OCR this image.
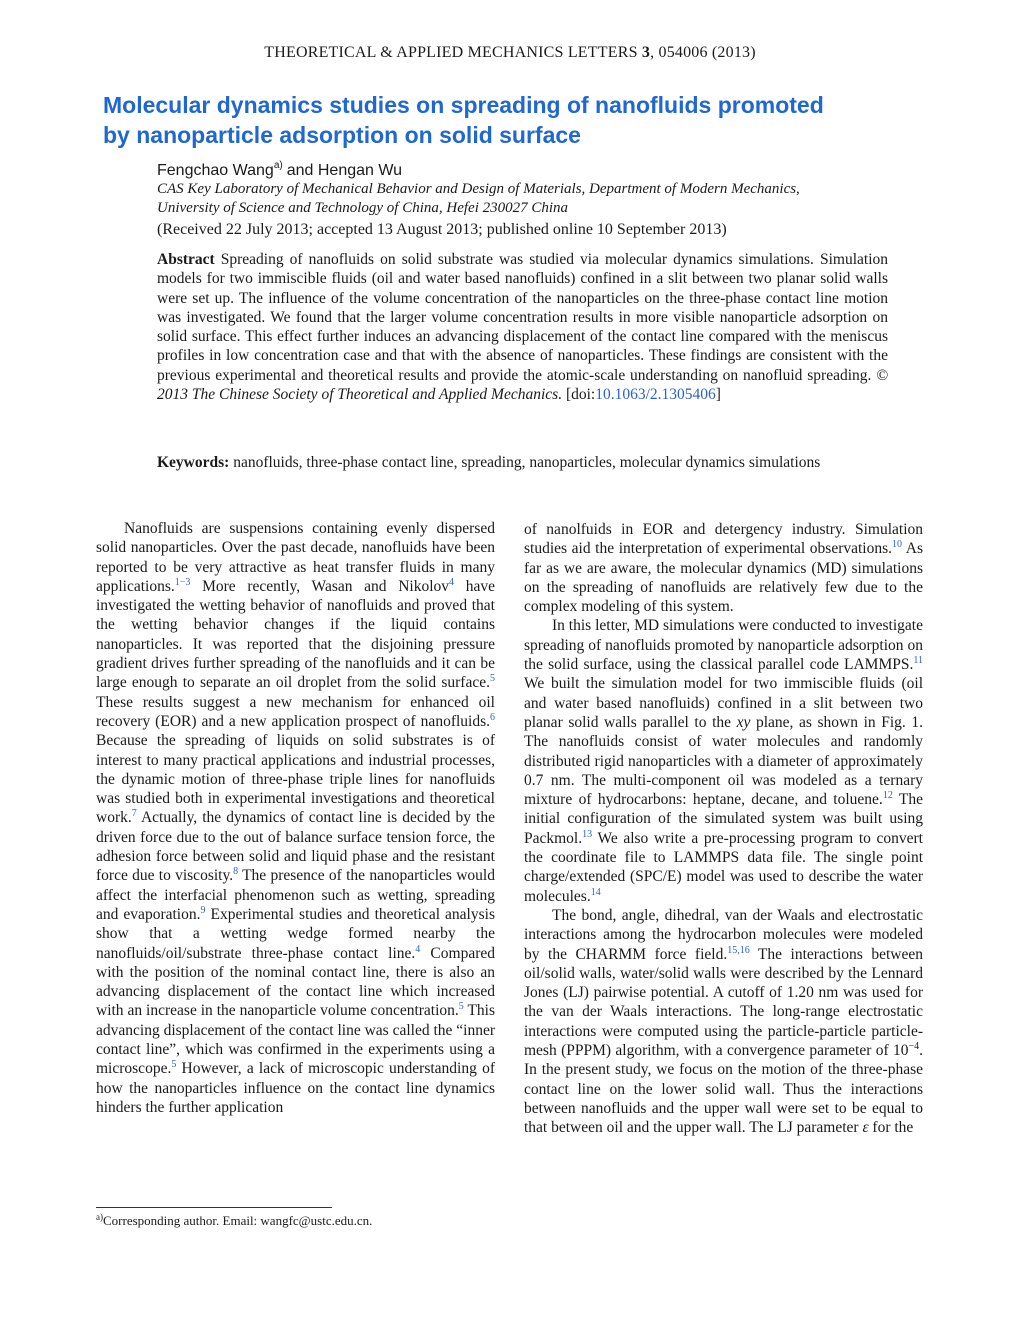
THEORETICAL & APPLIED MECHANICS LETTERS 3, 054006 (2013)
Molecular dynamics studies on spreading of nanofluids promoted
by nanoparticle adsorption on solid surface
Fengchao Wang$^{a)}$ and Hengan Wu
CAS Key Laboratory of Mechanical Behavior and Design of Materials, Department of Modern Mechanics,
University of Science and Technology of China, Hefei 230027 China
(Received 22 July 2013; accepted 13 August 2013; published online 10 September 2013)
Abstract Spreading of nanofluids on solid substrate was studied via molecular dynamics simulations. Simulation models for two immiscible fluids (oil and water based nanofluids) confined in a slit between two planar solid walls were set up. The influence of the volume concentration of the nanoparticles on the three-phase contact line motion was investigated. We found that the larger volume concentration results in more visible nanoparticle adsorption on solid surface. This effect further induces an advancing displacement of the contact line compared with the meniscus profiles in low concentration case and that with the absence of nanoparticles. These findings are consistent with the previous experimental and theoretical results and provide the atomic-scale understanding on nanofluid spreading. © 2013 The Chinese Society of Theoretical and Applied Mechanics. [doi:10.1063/2.1305406]
Keywords: nanofluids, three-phase contact line, spreading, nanoparticles, molecular dynamics simulations

Nanofluids are suspensions containing evenly dispersed solid nanoparticles. Over the past decade, nanofluids have been reported to be very attractive as heat transfer fluids in many applications.$^{1-3}$ More recently, Wasan and Nikolov$^4$ have investigated the wetting behavior of nanofluids and proved that the wetting behavior changes if the liquid contains nanoparticles. It was reported that the disjoining pressure gradient drives further spreading of the nanofluids and it can be large enough to separate an oil droplet from the solid surface.$^5$ These results suggest a new mechanism for enhanced oil recovery (EOR) and a new application prospect of nanofluids.$^6$ Because the spreading of liquids on solid substrates is of interest to many practical applications and industrial processes, the dynamic motion of three-phase triple lines for nanofluids was studied both in experimental investigations and theoretical work.$^7$ Actually, the dynamics of contact line is decided by the driven force due to the out of balance surface tension force, the adhesion force between solid and liquid phase and the resistant force due to viscosity.$^8$ The presence of the nanoparticles would affect the interfacial phenomenon such as wetting, spreading and evaporation.$^9$ Experimental studies and theoretical analysis show that a wetting wedge formed nearby the nanofluids/oil/substrate three-phase contact line.$^4$ Compared with the position of the nominal contact line, there is also an advancing displacement of the contact line which increased with an increase in the nanoparticle volume concentration.$^5$ This advancing displacement of the contact line was called the “inner contact line”, which was confirmed in the experiments using a microscope.$^5$ However, a lack of microscopic understanding of how the nanoparticles influence on the contact line dynamics hinders the further application

of nanolfuids in EOR and detergency industry. Simulation studies aid the interpretation of experimental observations.$^{10}$ As far as we are aware, the molecular dynamics (MD) simulations on the spreading of nanofluids are relatively few due to the complex modeling of this system.

In this letter, MD simulations were conducted to investigate spreading of nanofluids promoted by nanoparticle adsorption on the solid surface, using the classical parallel code LAMMPS.$^{11}$ We built the simulation model for two immiscible fluids (oil and water based nanofluids) confined in a slit between two planar solid walls parallel to the xy plane, as shown in Fig. 1. The nanofluids consist of water molecules and randomly distributed rigid nanoparticles with a diameter of approximately 0.7 nm. The multi-component oil was modeled as a ternary mixture of hydrocarbons: heptane, decane, and toluene.$^{12}$ The initial configuration of the simulated system was built using Packmol.$^{13}$ We also write a pre-processing program to convert the coordinate file to LAMMPS data file. The single point charge/extended (SPC/E) model was used to describe the water molecules.$^{14}$

The bond, angle, dihedral, van der Waals and electrostatic interactions among the hydrocarbon molecules were modeled by the CHARMM force field.$^{15,16}$ The interactions between oil/solid walls, water/solid walls were described by the Lennard Jones (LJ) pairwise potential. A cutoff of 1.20 nm was used for the van der Waals interactions. The long-range electrostatic interactions were computed using the particle-particle particle-mesh (PPPM) algorithm, with a convergence parameter of $10^{-4}$. In the present study, we focus on the motion of the three-phase contact line on the lower solid wall. Thus the interactions between nanofluids and the upper wall were set to be equal to that between oil and the upper wall. The LJ parameter ε for the

$^{a)}$Corresponding author. Email: wangfc@ustc.edu.cn.
